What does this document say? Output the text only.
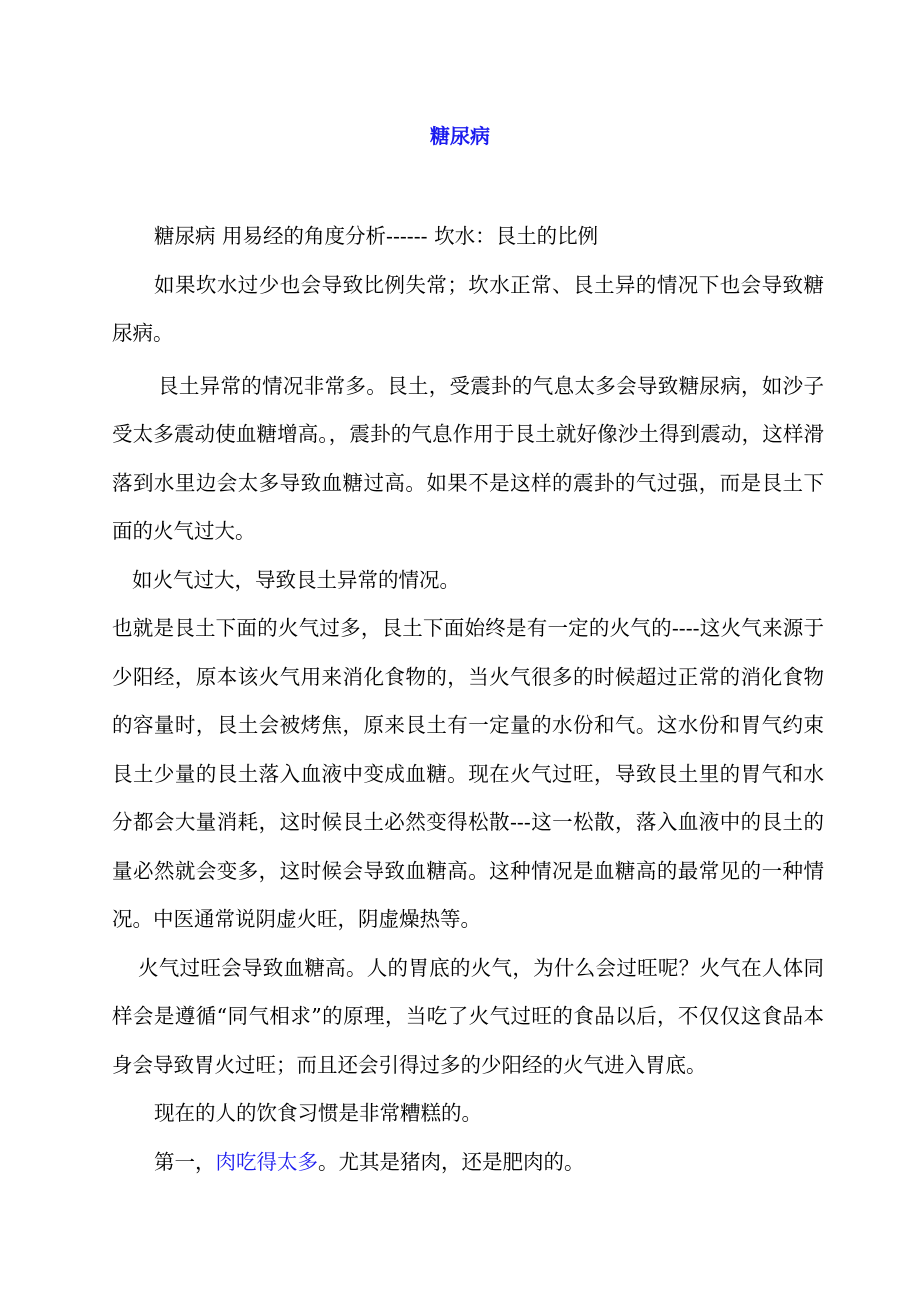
糖尿病

糖尿病 用易经的角度分析------ 坎水：艮土的比例

如果坎水过少也会导致比例失常；坎水正常、艮土异的情况下也会导致糖尿病。

艮土异常的情况非常多。艮土，受震卦的气息太多会导致糖尿病，如沙子受太多震动使血糖增高。，震卦的气息作用于艮土就好像沙土得到震动，这样滑落到水里边会太多导致血糖过高。如果不是这样的震卦的气过强，而是艮土下面的火气过大。

如火气过大，导致艮土异常的情况。

也就是艮土下面的火气过多，艮土下面始终是有一定的火气的----这火气来源于少阳经，原本该火气用来消化食物的，当火气很多的时候超过正常的消化食物的容量时，艮土会被烤焦，原来艮土有一定量的水份和气。这水份和胃气约束艮土少量的艮土落入血液中变成血糖。现在火气过旺，导致艮土里的胃气和水分都会大量消耗，这时候艮土必然变得松散---这一松散，落入血液中的艮土的量必然就会变多，这时候会导致血糖高。这种情况是血糖高的最常见的一种情况。中医通常说阴虚火旺，阴虚燥热等。

火气过旺会导致血糖高。人的胃底的火气，为什么会过旺呢？火气在人体同样会是遵循“同气相求”的原理，当吃了火气过旺的食品以后，不仅仅这食品本身会导致胃火过旺；而且还会引得过多的少阳经的火气进入胃底。

现在的人的饮食习惯是非常糟糕的。

第一，肉吃得太多。尤其是猪肉，还是肥肉的。
